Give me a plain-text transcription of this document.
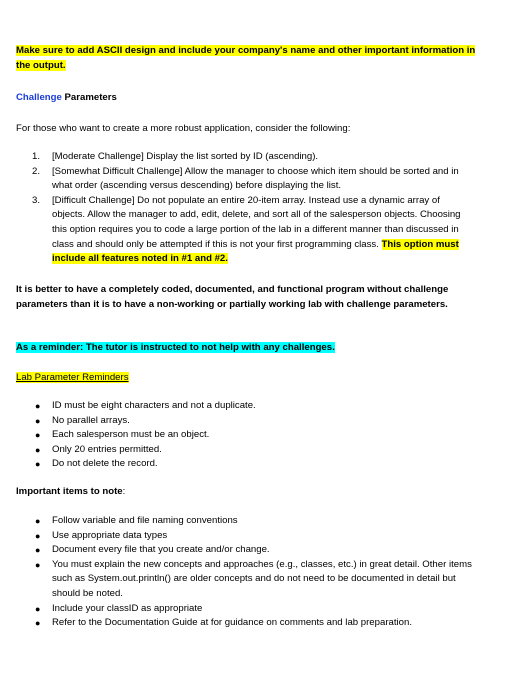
Make sure to add ASCII design and include your company's name and other important information in the output.

Challenge Parameters

For those who want to create a more robust application, consider the following:

1. [Moderate Challenge] Display the list sorted by ID (ascending).
2. [Somewhat Difficult Challenge] Allow the manager to choose which item should be sorted and in what order (ascending versus descending) before displaying the list.
3. [Difficult Challenge] Do not populate an entire 20-item array. Instead use a dynamic array of objects. Allow the manager to add, edit, delete, and sort all of the salesperson objects. Choosing this option requires you to code a large portion of the lab in a different manner than discussed in class and should only be attempted if this is not your first programming class. This option must include all features noted in #1 and #2.

It is better to have a completely coded, documented, and functional program without challenge parameters than it is to have a non-working or partially working lab with challenge parameters.

As a reminder: The tutor is instructed to not help with any challenges.

Lab Parameter Reminders

● ID must be eight characters and not a duplicate.
● No parallel arrays.
● Each salesperson must be an object.
● Only 20 entries permitted.
● Do not delete the record.

Important items to note:

● Follow variable and file naming conventions
● Use appropriate data types
● Document every file that you create and/or change.
● You must explain the new concepts and approaches (e.g., classes, etc.) in great detail. Other items such as System.out.println() are older concepts and do not need to be documented in detail but should be noted.
● Include your classID as appropriate
● Refer to the Documentation Guide at for guidance on comments and lab preparation.
